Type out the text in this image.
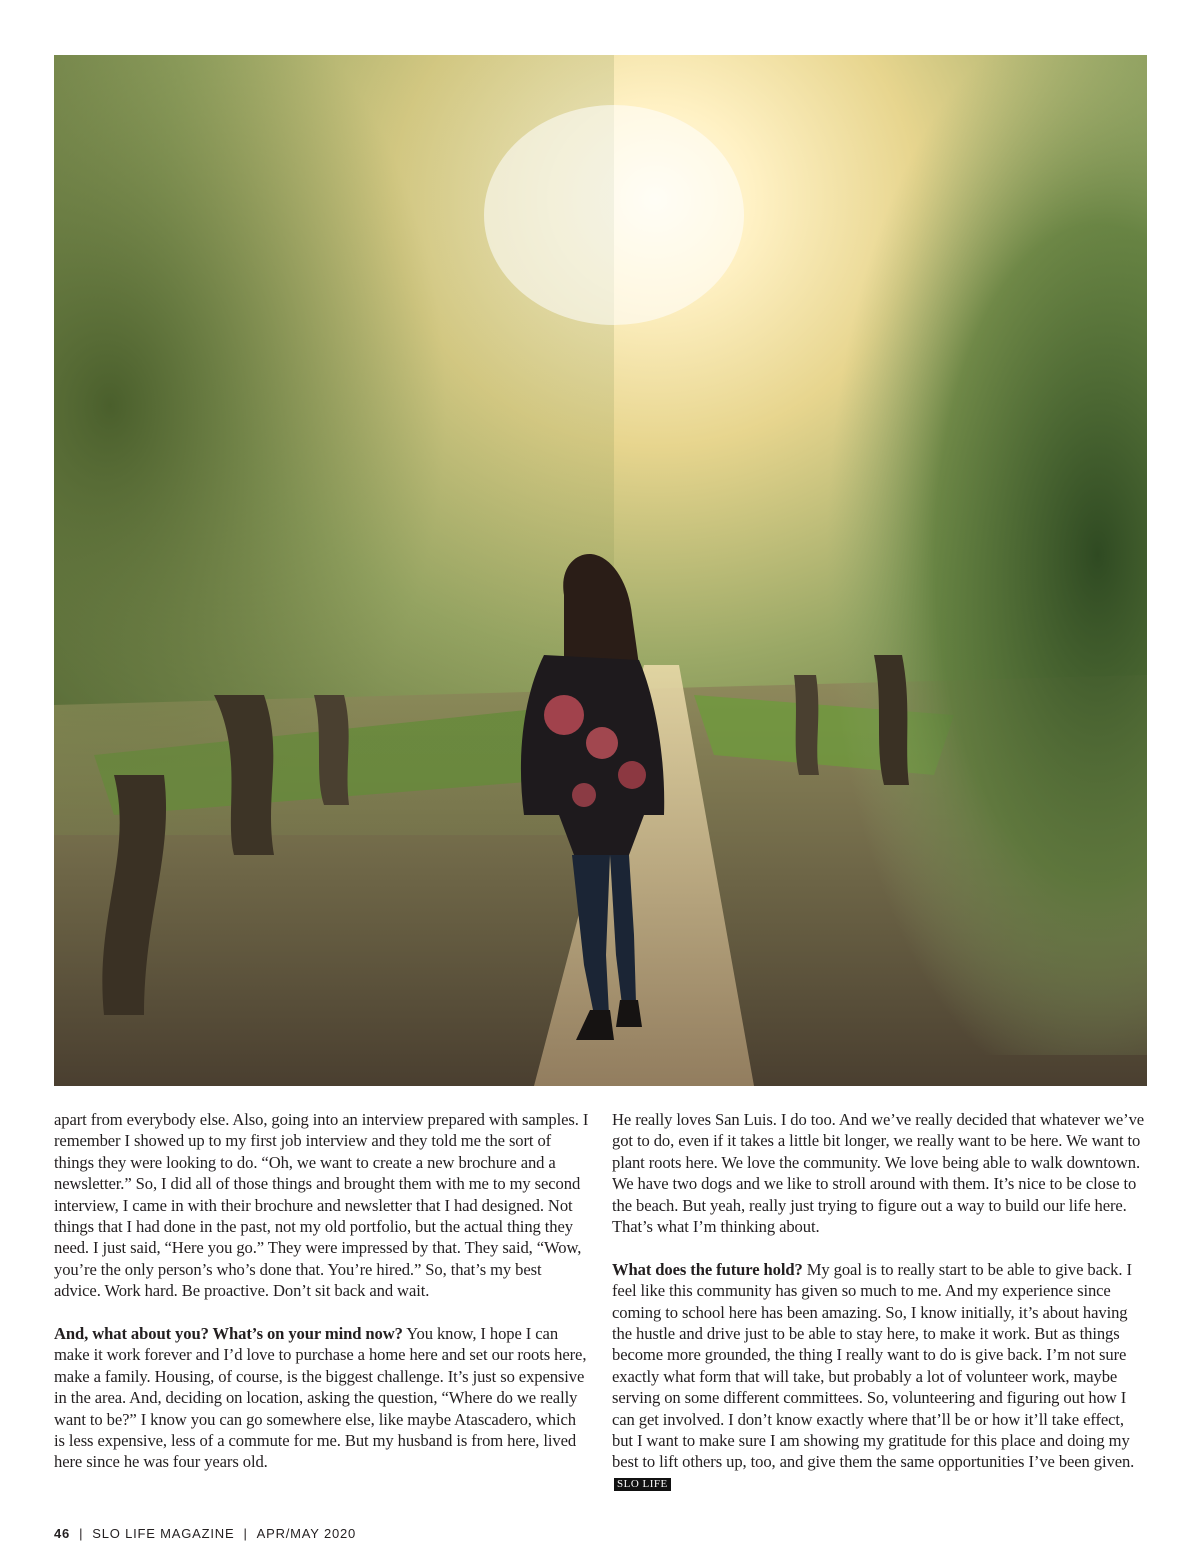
apart from everybody else. Also, going into an interview prepared with samples. I remember I showed up to my first job interview and they told me the sort of things they were looking to do. “Oh, we want to create a new brochure and a newsletter.” So, I did all of those things and brought them with me to my second interview, I came in with their brochure and newsletter that I had designed. Not things that I had done in the past, not my old portfolio, but the actual thing they need. I just said, “Here you go.” They were impressed by that. They said, “Wow, you’re the only person’s who’s done that. You’re hired.” So, that’s my best advice. Work hard. Be proactive. Don’t sit back and wait.

And, what about you? What’s on your mind now? You know, I hope I can make it work forever and I’d love to purchase a home here and set our roots here, make a family. Housing, of course, is the biggest challenge. It’s just so expensive in the area. And, deciding on location, asking the question, “Where do we really want to be?” I know you can go somewhere else, like maybe Atascadero, which is less expensive, less of a commute for me. But my husband is from here, lived here since he was four years old.

He really loves San Luis. I do too. And we’ve really decided that whatever we’ve got to do, even if it takes a little bit longer, we really want to be here. We want to plant roots here. We love the community. We love being able to walk downtown. We have two dogs and we like to stroll around with them. It’s nice to be close to the beach. But yeah, really just trying to figure out a way to build our life here. That’s what I’m thinking about.

What does the future hold? My goal is to really start to be able to give back. I feel like this community has given so much to me. And my experience since coming to school here has been amazing. So, I know initially, it’s about having the hustle and drive just to be able to stay here, to make it work. But as things become more grounded, the thing I really want to do is give back. I’m not sure exactly what form that will take, but probably a lot of volunteer work, maybe serving on some different committees. So, volunteering and figuring out how I can get involved. I don’t know exactly where that’ll be or how it’ll take effect, but I want to make sure I am showing my gratitude for this place and doing my best to lift others up, too, and give them the same opportunities I’ve been given. SLO LIFE

46 | SLO LIFE MAGAZINE | APR/MAY 2020
